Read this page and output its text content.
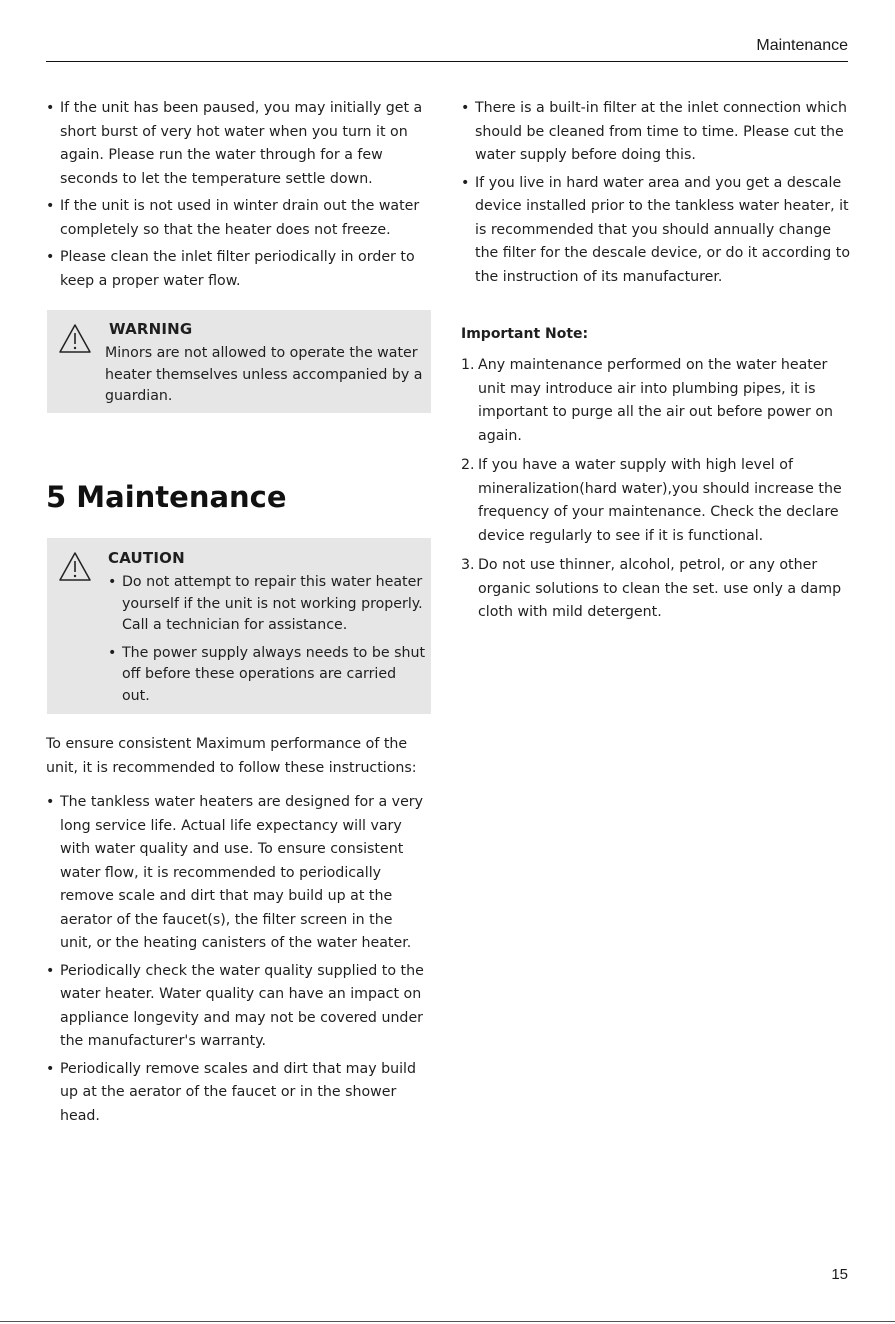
Maintenance
• If the unit has been paused, you may initially get a short burst of very hot water when you turn it on again. Please run the water through for a few seconds to let the temperature settle down.
• If the unit is not used in winter drain out the water completely so that the heater does not freeze.
• Please clean the inlet filter periodically in order to keep a proper water flow.
WARNING
Minors are not allowed to operate the water heater themselves unless accompanied by a guardian.
5 Maintenance
CAUTION
• Do not attempt to repair this water heater yourself if the unit is not working properly. Call a technician for assistance.
• The power supply always needs to be shut off before these operations are carried out.
To ensure consistent Maximum performance of the unit, it is recommended to follow these instructions:
• The tankless water heaters are designed for a very long service life. Actual life expectancy will vary with water quality and use. To ensure consistent water flow, it is recommended to periodically remove scale and dirt that may build up at the aerator of the faucet(s), the filter screen in the unit, or the heating canisters of the water heater.
• Periodically check the water quality supplied to the water heater. Water quality can have an impact on appliance longevity and may not be covered under the manufacturer's warranty.
• Periodically remove scales and dirt that may build up at the aerator of the faucet or in the shower head.
• There is a built-in filter at the inlet connection which should be cleaned from time to time. Please cut the water supply before doing this.
• If you live in hard water area and you get a descale device installed prior to the tankless water heater, it is recommended that you should annually change the filter for the descale device, or do it according to the instruction of its manufacturer.
Important Note:
1. Any maintenance performed on the water heater unit may introduce air into plumbing pipes, it is important to purge all the air out before power on again.
2. If you have a water supply with high level of mineralization(hard water),you should increase the frequency of your maintenance. Check the declare device regularly to see if it is functional.
3. Do not use thinner, alcohol, petrol, or any other organic solutions to clean the set. use only a damp cloth with mild detergent.
15
